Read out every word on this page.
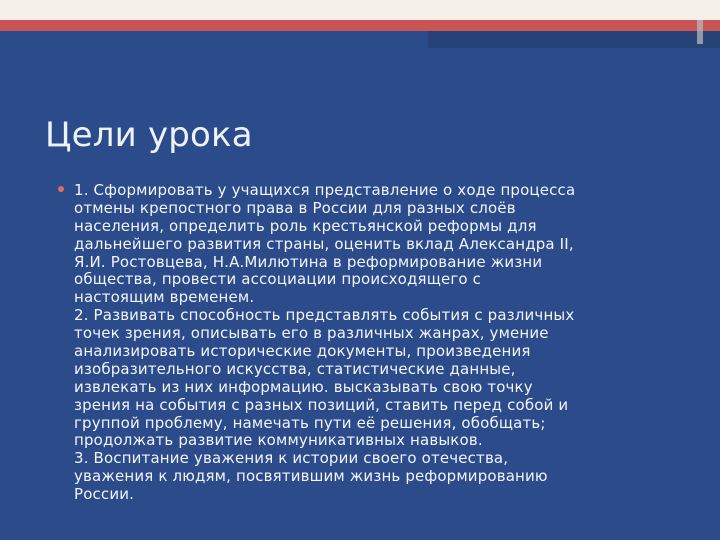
Цели урока
1. Сформировать у учащихся представление о ходе процесса
отмены крепостного права в России для разных слоёв
населения, определить роль крестьянской реформы для
дальнейшего развития страны, оценить вклад Александра II,
Я.И. Ростовцева, Н.А.Милютина в реформирование жизни
общества, провести ассоциации происходящего с
настоящим временем.
2. Развивать способность представлять события с различных
точек зрения, описывать его в различных жанрах, умение
анализировать исторические документы, произведения
изобразительного искусства, статистические данные,
извлекать из них информацию. высказывать свою точку
зрения на события с разных позиций, ставить перед собой и
группой проблему, намечать пути её решения, обобщать;
продолжать развитие коммуникативных навыков.
3. Воспитание уважения к истории своего отечества,
уважения к людям, посвятившим жизнь реформированию
России.
